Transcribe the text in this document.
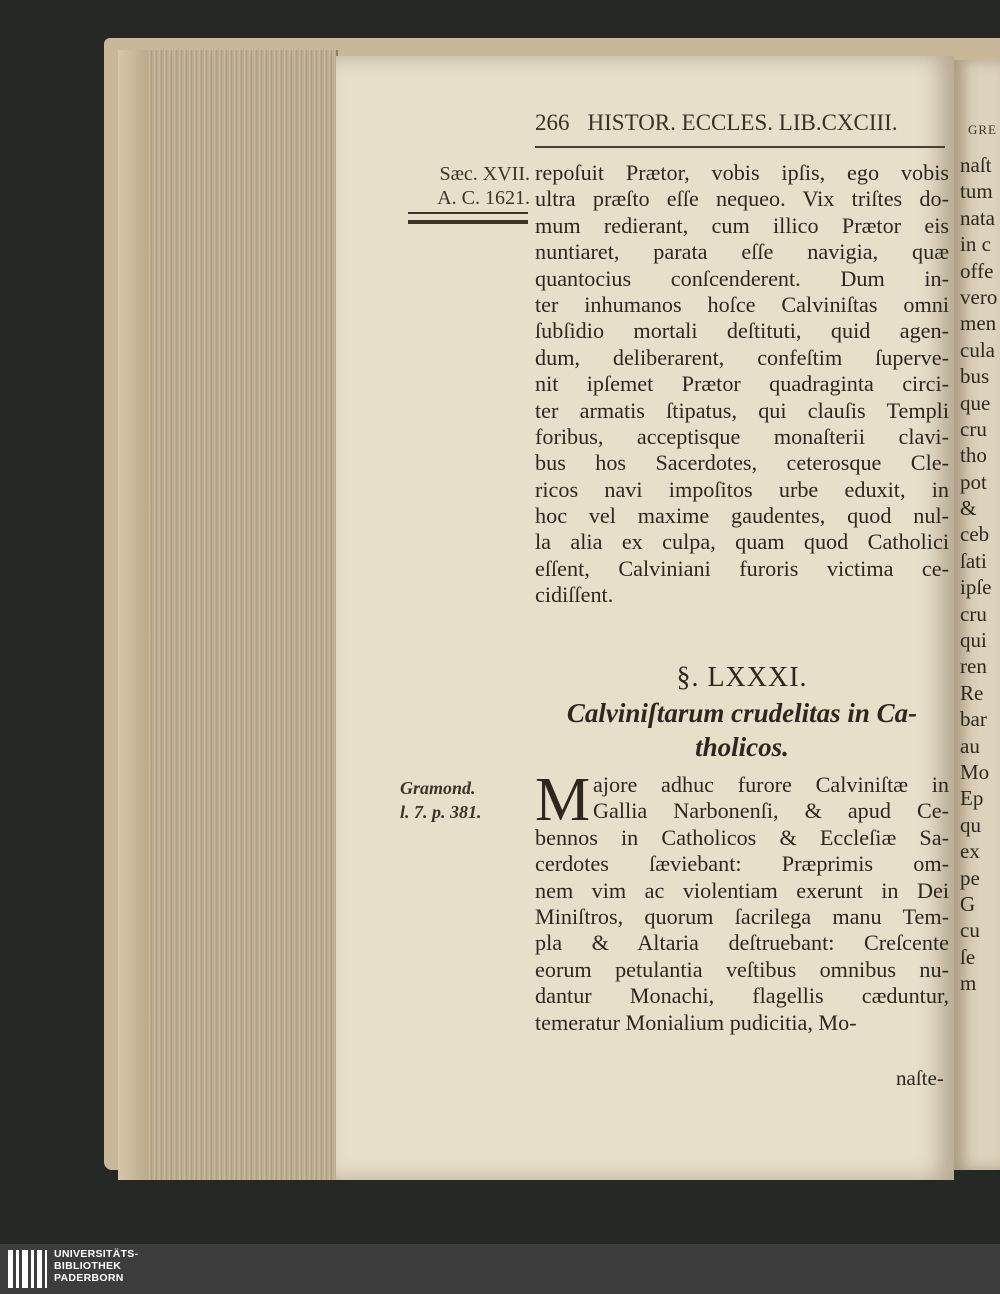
266 HISTOR. ECCLES. LIB.CXCIII.	GRE
Sæc. XVII.
A. C. 1621.
Gramond.
l. 7. p. 381.
repoſuit Prætor, vobis ipſis, ego vobis
ultra præſto eſſe nequeo. Vix triſtes do-
mum redierant, cum illico Prætor eis
nuntiaret, parata eſſe navigia, quæ
quantocius conſcenderent. Dum in-
ter inhumanos hoſce Calviniſtas omni
ſubſidio mortali deſtituti, quid agen-
dum, deliberarent, confeſtim ſuperve-
nit ipſemet Prætor quadraginta circi-
ter armatis ſtipatus, qui clauſis Templi
foribus, acceptisque monaſterii clavi-
bus hos Sacerdotes, ceterosque Cle-
ricos navi impoſitos urbe eduxit, in
hoc vel maxime gaudentes, quod nul-
la alia ex culpa, quam quod Catholici
eſſent, Calviniani furoris victima ce-
cidiſſent.
§. LXXXI.
Calviniſtarum crudelitas in Ca-
tholicos.
M ajore adhuc furore Calviniſtæ in
Gallia Narbonenſi, & apud Ce-
bennos in Catholicos & Eccleſiæ Sa-
cerdotes ſæviebant: Præprimis om-
nem vim ac violentiam exerunt in Dei
Miniſtros, quorum ſacrilega manu Tem-
pla & Altaria deſtruebant: Creſcente
eorum petulantia veſtibus omnibus nu-
dantur Monachi, flagellis cæduntur,
temeratur Monialium pudicitia, Mo-
naſte-
naſt
tum
nata
in c
offe
vero
men
cula
bus
que
cru
tho
pot
&
ceb
ſati
ipſe
cru
qui
ren
Re
bar
au
Mo
Ep
qu
ex
pe
G
cu
ſe
m
UNIVERSITÄTS-
BIBLIOTHEK
PADERBORN
